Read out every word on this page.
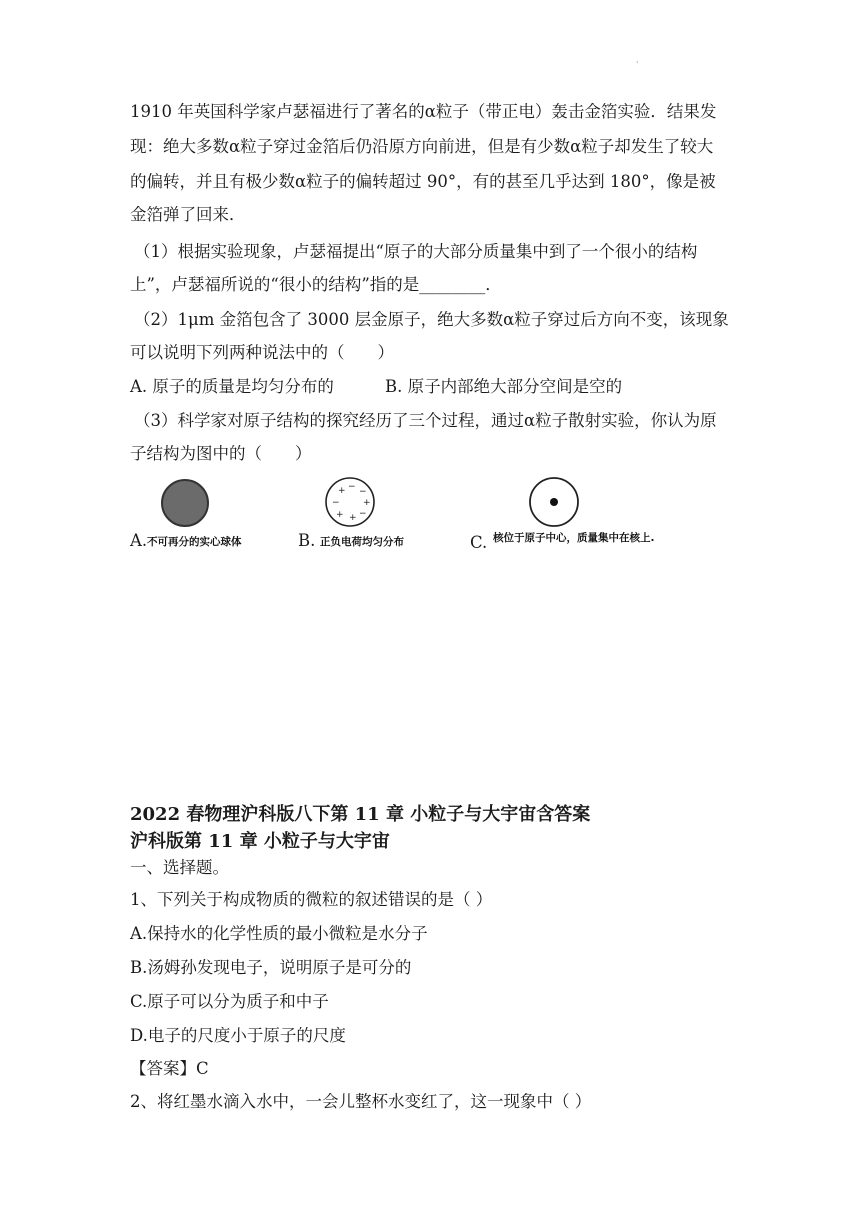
·
1910 年英国科学家卢瑟福进行了著名的α粒子（带正电）轰击金箔实验．结果发
现：绝大多数α粒子穿过金箔后仍沿原方向前进，但是有少数α粒子却发生了较大
的偏转，并且有极少数α粒子的偏转超过 90°，有的甚至几乎达到 180°，像是被
金箔弹了回来．
（1）根据实验现象，卢瑟福提出“原子的大部分质量集中到了一个很小的结构
上”，卢瑟福所说的“很小的结构”指的是________．
（2）1μm 金箔包含了 3000 层金原子，绝大多数α粒子穿过后方向不变，该现象
可以说明下列两种说法中的（　　）
A. 原子的质量是均匀分布的	B. 原子内部绝大部分空间是空的
（3）科学家对原子结构的探究经历了三个过程，通过α粒子散射实验，你认为原
子结构为图中的（　　）
A. 不可再分的实心球体	B.
+ − −
−	+
+ + −
正负电荷均匀分布	C. 核位于原子中心，质量集中在核上.
2022 春物理沪科版八下第 11 章 小粒子与大宇宙含答案
沪科版第 11 章 小粒子与大宇宙
一、选择题。
1、下列关于构成物质的微粒的叙述错误的是（ ）
A.保持水的化学性质的最小微粒是水分子
B.汤姆孙发现电子，说明原子是可分的
C.原子可以分为质子和中子
D.电子的尺度小于原子的尺度
【答案】C
2、将红墨水滴入水中，一会儿整杯水变红了，这一现象中（ ）
